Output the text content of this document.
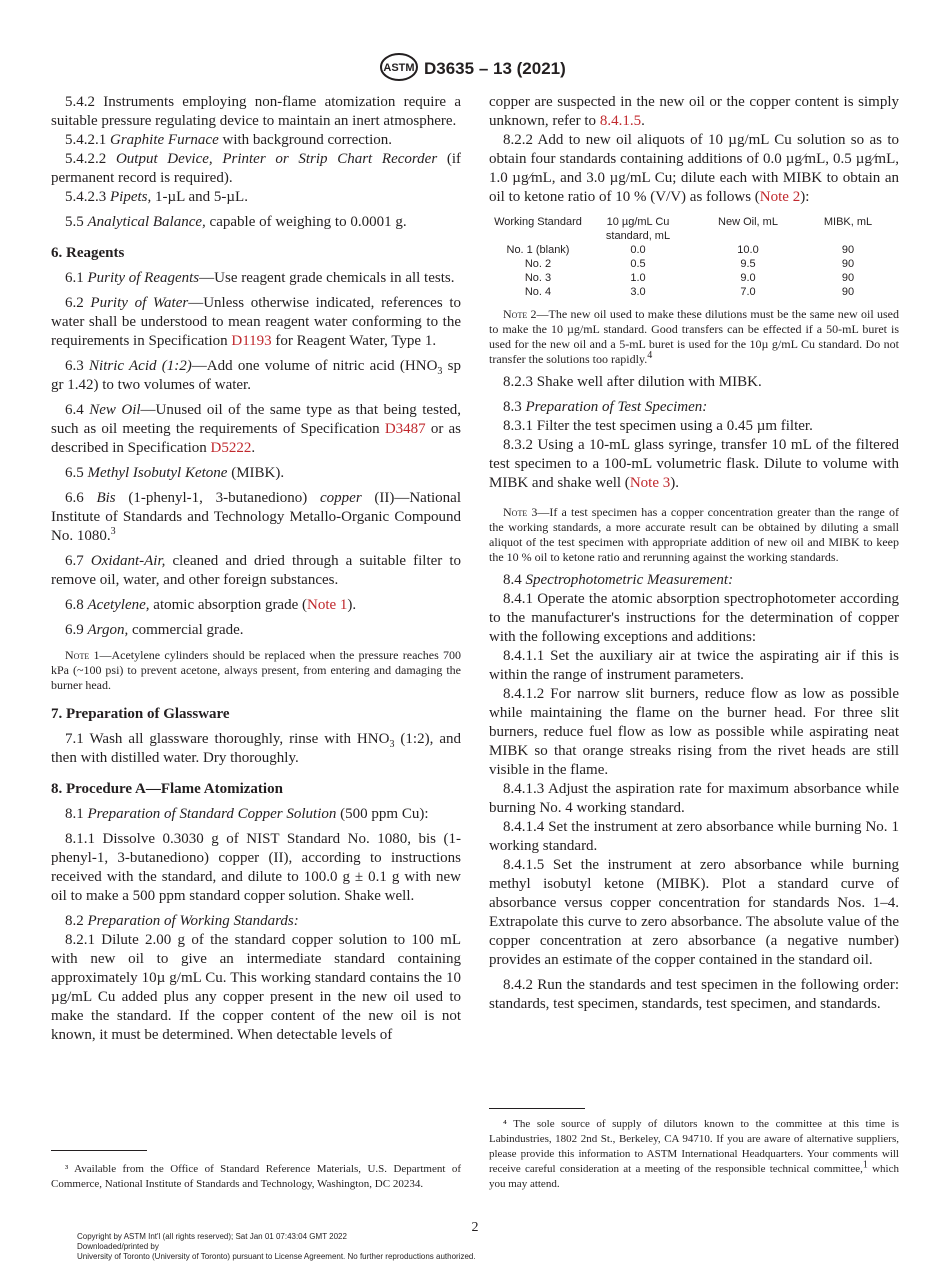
ASTM D3635 – 13 (2021)

5.4.2 Instruments employing non-flame atomization require a suitable pressure regulating device to maintain an inert atmosphere.

5.4.2.1 Graphite Furnace with background correction.

5.4.2.2 Output Device, Printer or Strip Chart Recorder (if permanent record is required).

5.4.2.3 Pipets, 1-µL and 5-µL.

5.5 Analytical Balance, capable of weighing to 0.0001 g.

6. Reagents

6.1 Purity of Reagents—Use reagent grade chemicals in all tests.

6.2 Purity of Water—Unless otherwise indicated, references to water shall be understood to mean reagent water conforming to the requirements in Specification D1193 for Reagent Water, Type 1.

6.3 Nitric Acid (1:2)—Add one volume of nitric acid ($HNO_3$ sp gr 1.42) to two volumes of water.

6.4 New Oil—Unused oil of the same type as that being tested, such as oil meeting the requirements of Specification D3487 or as described in Specification D5222.

6.5 Methyl Isobutyl Ketone (MIBK).

6.6 Bis (1-phenyl-1, 3-butanediono) copper (II)—National Institute of Standards and Technology Metallo-Organic Compound No. 1080.$^3$

6.7 Oxidant-Air, cleaned and dried through a suitable filter to remove oil, water, and other foreign substances.

6.8 Acetylene, atomic absorption grade (Note 1).

6.9 Argon, commercial grade.

Note 1—Acetylene cylinders should be replaced when the pressure reaches 700 kPa (~100 psi) to prevent acetone, always present, from entering and damaging the burner head.

7. Preparation of Glassware

7.1 Wash all glassware thoroughly, rinse with $HNO_3$ (1:2), and then with distilled water. Dry thoroughly.

8. Procedure A—Flame Atomization

8.1 Preparation of Standard Copper Solution (500 ppm Cu):

8.1.1 Dissolve 0.3030 g of NIST Standard No. 1080, bis (1-phenyl-1, 3-butanediono) copper (II), according to instructions received with the standard, and dilute to 100.0 g ± 0.1 g with new oil to make a 500 ppm standard copper solution. Shake well.

8.2 Preparation of Working Standards:

8.2.1 Dilute 2.00 g of the standard copper solution to 100 mL with new oil to give an intermediate standard containing approximately 10µ g/mL Cu. This working standard contains the 10 µg/mL Cu added plus any copper present in the new oil used to make the standard. If the copper content of the new oil is not known, it must be determined. When detectable levels of

³ Available from the Office of Standard Reference Materials, U.S. Department of Commerce, National Institute of Standards and Technology, Washington, DC 20234.

copper are suspected in the new oil or the copper content is simply unknown, refer to 8.4.1.5.

8.2.2 Add to new oil aliquots of 10 µg/mL Cu solution so as to obtain four standards containing additions of 0.0 µg⁄mL, 0.5 µg⁄mL, 1.0 µg⁄mL, and 3.0 µg/mL Cu; dilute each with MIBK to obtain an oil to ketone ratio of 10 % (V/V) as follows (Note 2):

Working Standard	10 µg/mL Cu standard, mL	New Oil, mL	MIBK, mL
No. 1 (blank)	0.0	10.0	90
No. 2	0.5	9.5	90
No. 3	1.0	9.0	90
No. 4	3.0	7.0	90

Note 2—The new oil used to make these dilutions must be the same new oil used to make the 10 µg/mL standard. Good transfers can be effected if a 50-mL buret is used for the new oil and a 5-mL buret is used for the 10µ g/mL Cu standard. Do not transfer the solutions too rapidly.$^4$

8.2.3 Shake well after dilution with MIBK.

8.3 Preparation of Test Specimen:

8.3.1 Filter the test specimen using a 0.45 µm filter.

8.3.2 Using a 10-mL glass syringe, transfer 10 mL of the filtered test specimen to a 100-mL volumetric flask. Dilute to volume with MIBK and shake well (Note 3).

Note 3—If a test specimen has a copper concentration greater than the range of the working standards, a more accurate result can be obtained by diluting a small aliquot of the test specimen with appropriate addition of new oil and MIBK to keep the 10 % oil to ketone ratio and rerunning against the working standards.

8.4 Spectrophotometric Measurement:

8.4.1 Operate the atomic absorption spectrophotometer according to the manufacturer's instructions for the determination of copper with the following exceptions and additions:

8.4.1.1 Set the auxiliary air at twice the aspirating air if this is within the range of instrument parameters.

8.4.1.2 For narrow slit burners, reduce flow as low as possible while maintaining the flame on the burner head. For three slit burners, reduce fuel flow as low as possible while aspirating neat MIBK so that orange streaks rising from the rivet heads are still visible in the flame.

8.4.1.3 Adjust the aspiration rate for maximum absorbance while burning No. 4 working standard.

8.4.1.4 Set the instrument at zero absorbance while burning No. 1 working standard.

8.4.1.5 Set the instrument at zero absorbance while burning methyl isobutyl ketone (MIBK). Plot a standard curve of absorbance versus copper concentration for standards Nos. 1–4. Extrapolate this curve to zero absorbance. The absolute value of the copper concentration at zero absorbance (a negative number) provides an estimate of the copper contained in the standard oil.

8.4.2 Run the standards and test specimen in the following order: standards, test specimen, standards, test specimen, and standards.

⁴ The sole source of supply of dilutors known to the committee at this time is Labindustries, 1802 2nd St., Berkeley, CA 94710. If you are aware of alternative suppliers, please provide this information to ASTM International Headquarters. Your comments will receive careful consideration at a meeting of the responsible technical committee,$^1$ which you may attend.

2
Copyright by ASTM Int'l (all rights reserved); Sat Jan 01 07:43:04 GMT 2022
Downloaded/printed by
University of Toronto (University of Toronto) pursuant to License Agreement. No further reproductions authorized.
